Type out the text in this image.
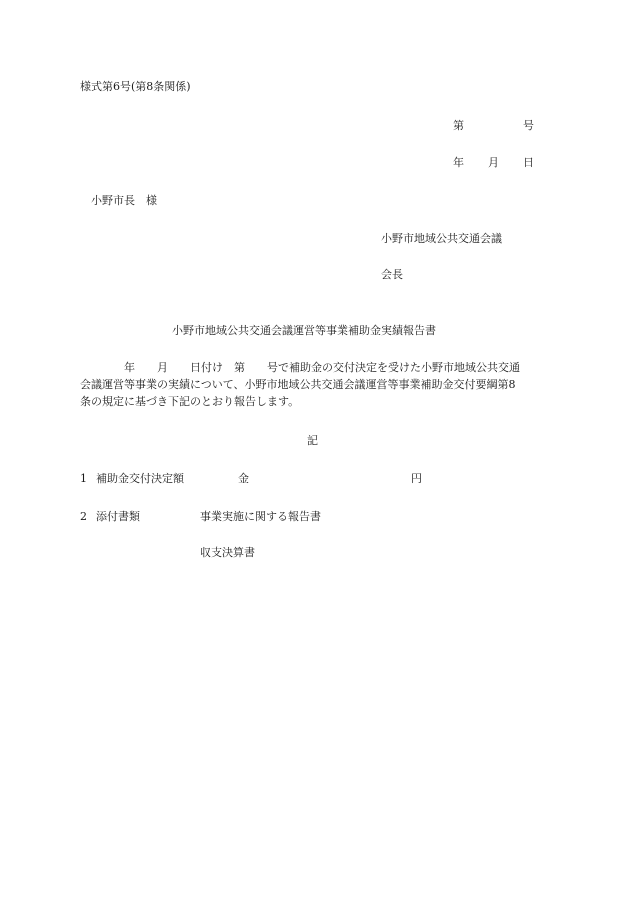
様式第6号(第8条関係)
第	号
年 月 日
小野市長　様
小野市地域公共交通会議
会長
小野市地域公共交通会議運営等事業補助金実績報告書
　　　　年　　月　　日付け　第　　号で補助金の交付決定を受けた小野市地域公共交通
会議運営等事業の実績について、小野市地域公共交通会議運営等事業補助金交付要綱第8
条の規定に基づき下記のとおり報告します。
記
1 補助金交付決定額	金	円
2 添付書類	事業実施に関する報告書
収支決算書
